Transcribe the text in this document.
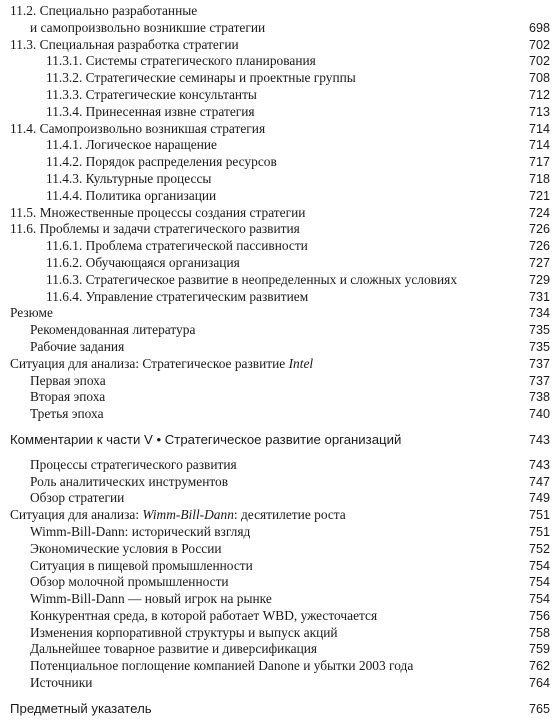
11.2. Специально разработанные
и самопроизвольно возникшие стратегии	698
11.3. Специальная разработка стратегии	702
11.3.1. Системы стратегического планирования	702
11.3.2. Стратегические семинары и проектные группы	708
11.3.3. Стратегические консультанты	712
11.3.4. Принесенная извне стратегия	713
11.4. Самопроизвольно возникшая стратегия	714
11.4.1. Логическое наращение	714
11.4.2. Порядок распределения ресурсов	717
11.4.3. Культурные процессы	718
11.4.4. Политика организации	721
11.5. Множественные процессы создания стратегии	724
11.6. Проблемы и задачи стратегического развития	726
11.6.1. Проблема стратегической пассивности	726
11.6.2. Обучающаяся организация	727
11.6.3. Стратегическое развитие в неопределенных и сложных условиях	729
11.6.4. Управление стратегическим развитием	731
Резюме	734
Рекомендованная литература	735
Рабочие задания	735
Ситуация для анализа: Стратегическое развитие Intel	737
Первая эпоха	737
Вторая эпоха	738
Третья эпоха	740
Комментарии к части V • Стратегическое развитие организаций	743
Процессы стратегического развития	743
Роль аналитических инструментов	747
Обзор стратегии	749
Ситуация для анализа: Wimm-Bill-Dann: десятилетие роста	751
Wimm-Bill-Dann: исторический взгляд	751
Экономические условия в России	752
Ситуация в пищевой промышленности	754
Обзор молочной промышленности	754
Wimm-Bill-Dann — новый игрок на рынке	754
Конкурентная среда, в которой работает WBD, ужесточается	756
Изменения корпоративной структуры и выпуск акций	758
Дальнейшее товарное развитие и диверсификация	759
Потенциальное поглощение компанией Danone и убытки 2003 года	762
Источники	764
Предметный указатель	765
